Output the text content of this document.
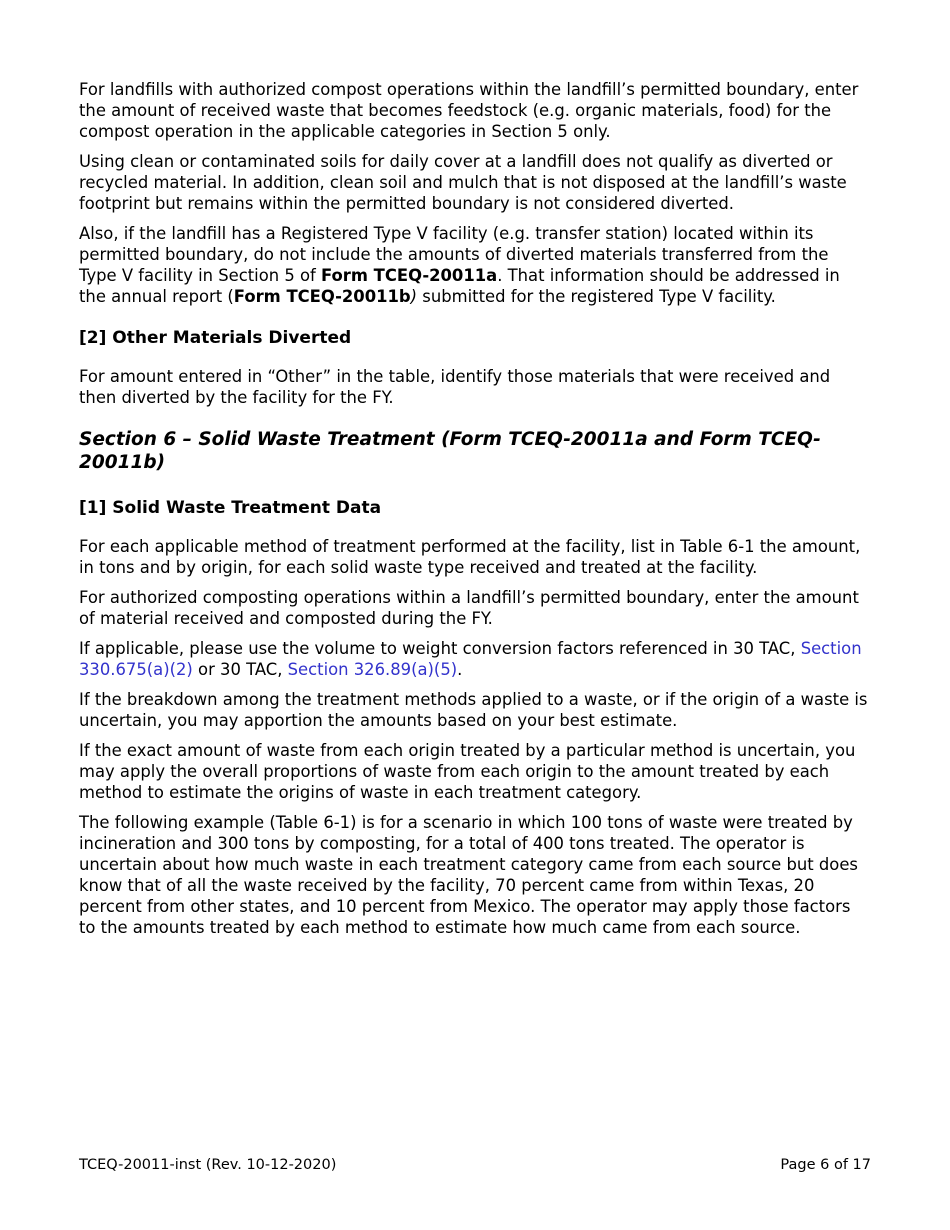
For landfills with authorized compost operations within the landfill’s permitted boundary, enter the amount of received waste that becomes feedstock (e.g. organic materials, food) for the compost operation in the applicable categories in Section 5 only.

Using clean or contaminated soils for daily cover at a landfill does not qualify as diverted or recycled material. In addition, clean soil and mulch that is not disposed at the landfill’s waste footprint but remains within the permitted boundary is not considered diverted.

Also, if the landfill has a Registered Type V facility (e.g. transfer station) located within its permitted boundary, do not include the amounts of diverted materials transferred from the Type V facility in Section 5 of Form TCEQ-20011a. That information should be addressed in the annual report (Form TCEQ-20011b) submitted for the registered Type V facility.

[2] Other Materials Diverted

For amount entered in “Other” in the table, identify those materials that were received and then diverted by the facility for the FY.

Section 6 – Solid Waste Treatment (Form TCEQ-20011a and Form TCEQ-20011b)
[1] Solid Waste Treatment Data

For each applicable method of treatment performed at the facility, list in Table 6-1 the amount, in tons and by origin, for each solid waste type received and treated at the facility.

For authorized composting operations within a landfill’s permitted boundary, enter the amount of material received and composted during the FY.

If applicable, please use the volume to weight conversion factors referenced in 30 TAC, Section 330.675(a)(2) or 30 TAC, Section 326.89(a)(5).

If the breakdown among the treatment methods applied to a waste, or if the origin of a waste is uncertain, you may apportion the amounts based on your best estimate.

If the exact amount of waste from each origin treated by a particular method is uncertain, you may apply the overall proportions of waste from each origin to the amount treated by each method to estimate the origins of waste in each treatment category.

The following example (Table 6-1) is for a scenario in which 100 tons of waste were treated by incineration and 300 tons by composting, for a total of 400 tons treated. The operator is uncertain about how much waste in each treatment category came from each source but does know that of all the waste received by the facility, 70 percent came from within Texas, 20 percent from other states, and 10 percent from Mexico. The operator may apply those factors to the amounts treated by each method to estimate how much came from each source.

TCEQ-20011-inst (Rev. 10-12-2020)	Page 6 of 17
